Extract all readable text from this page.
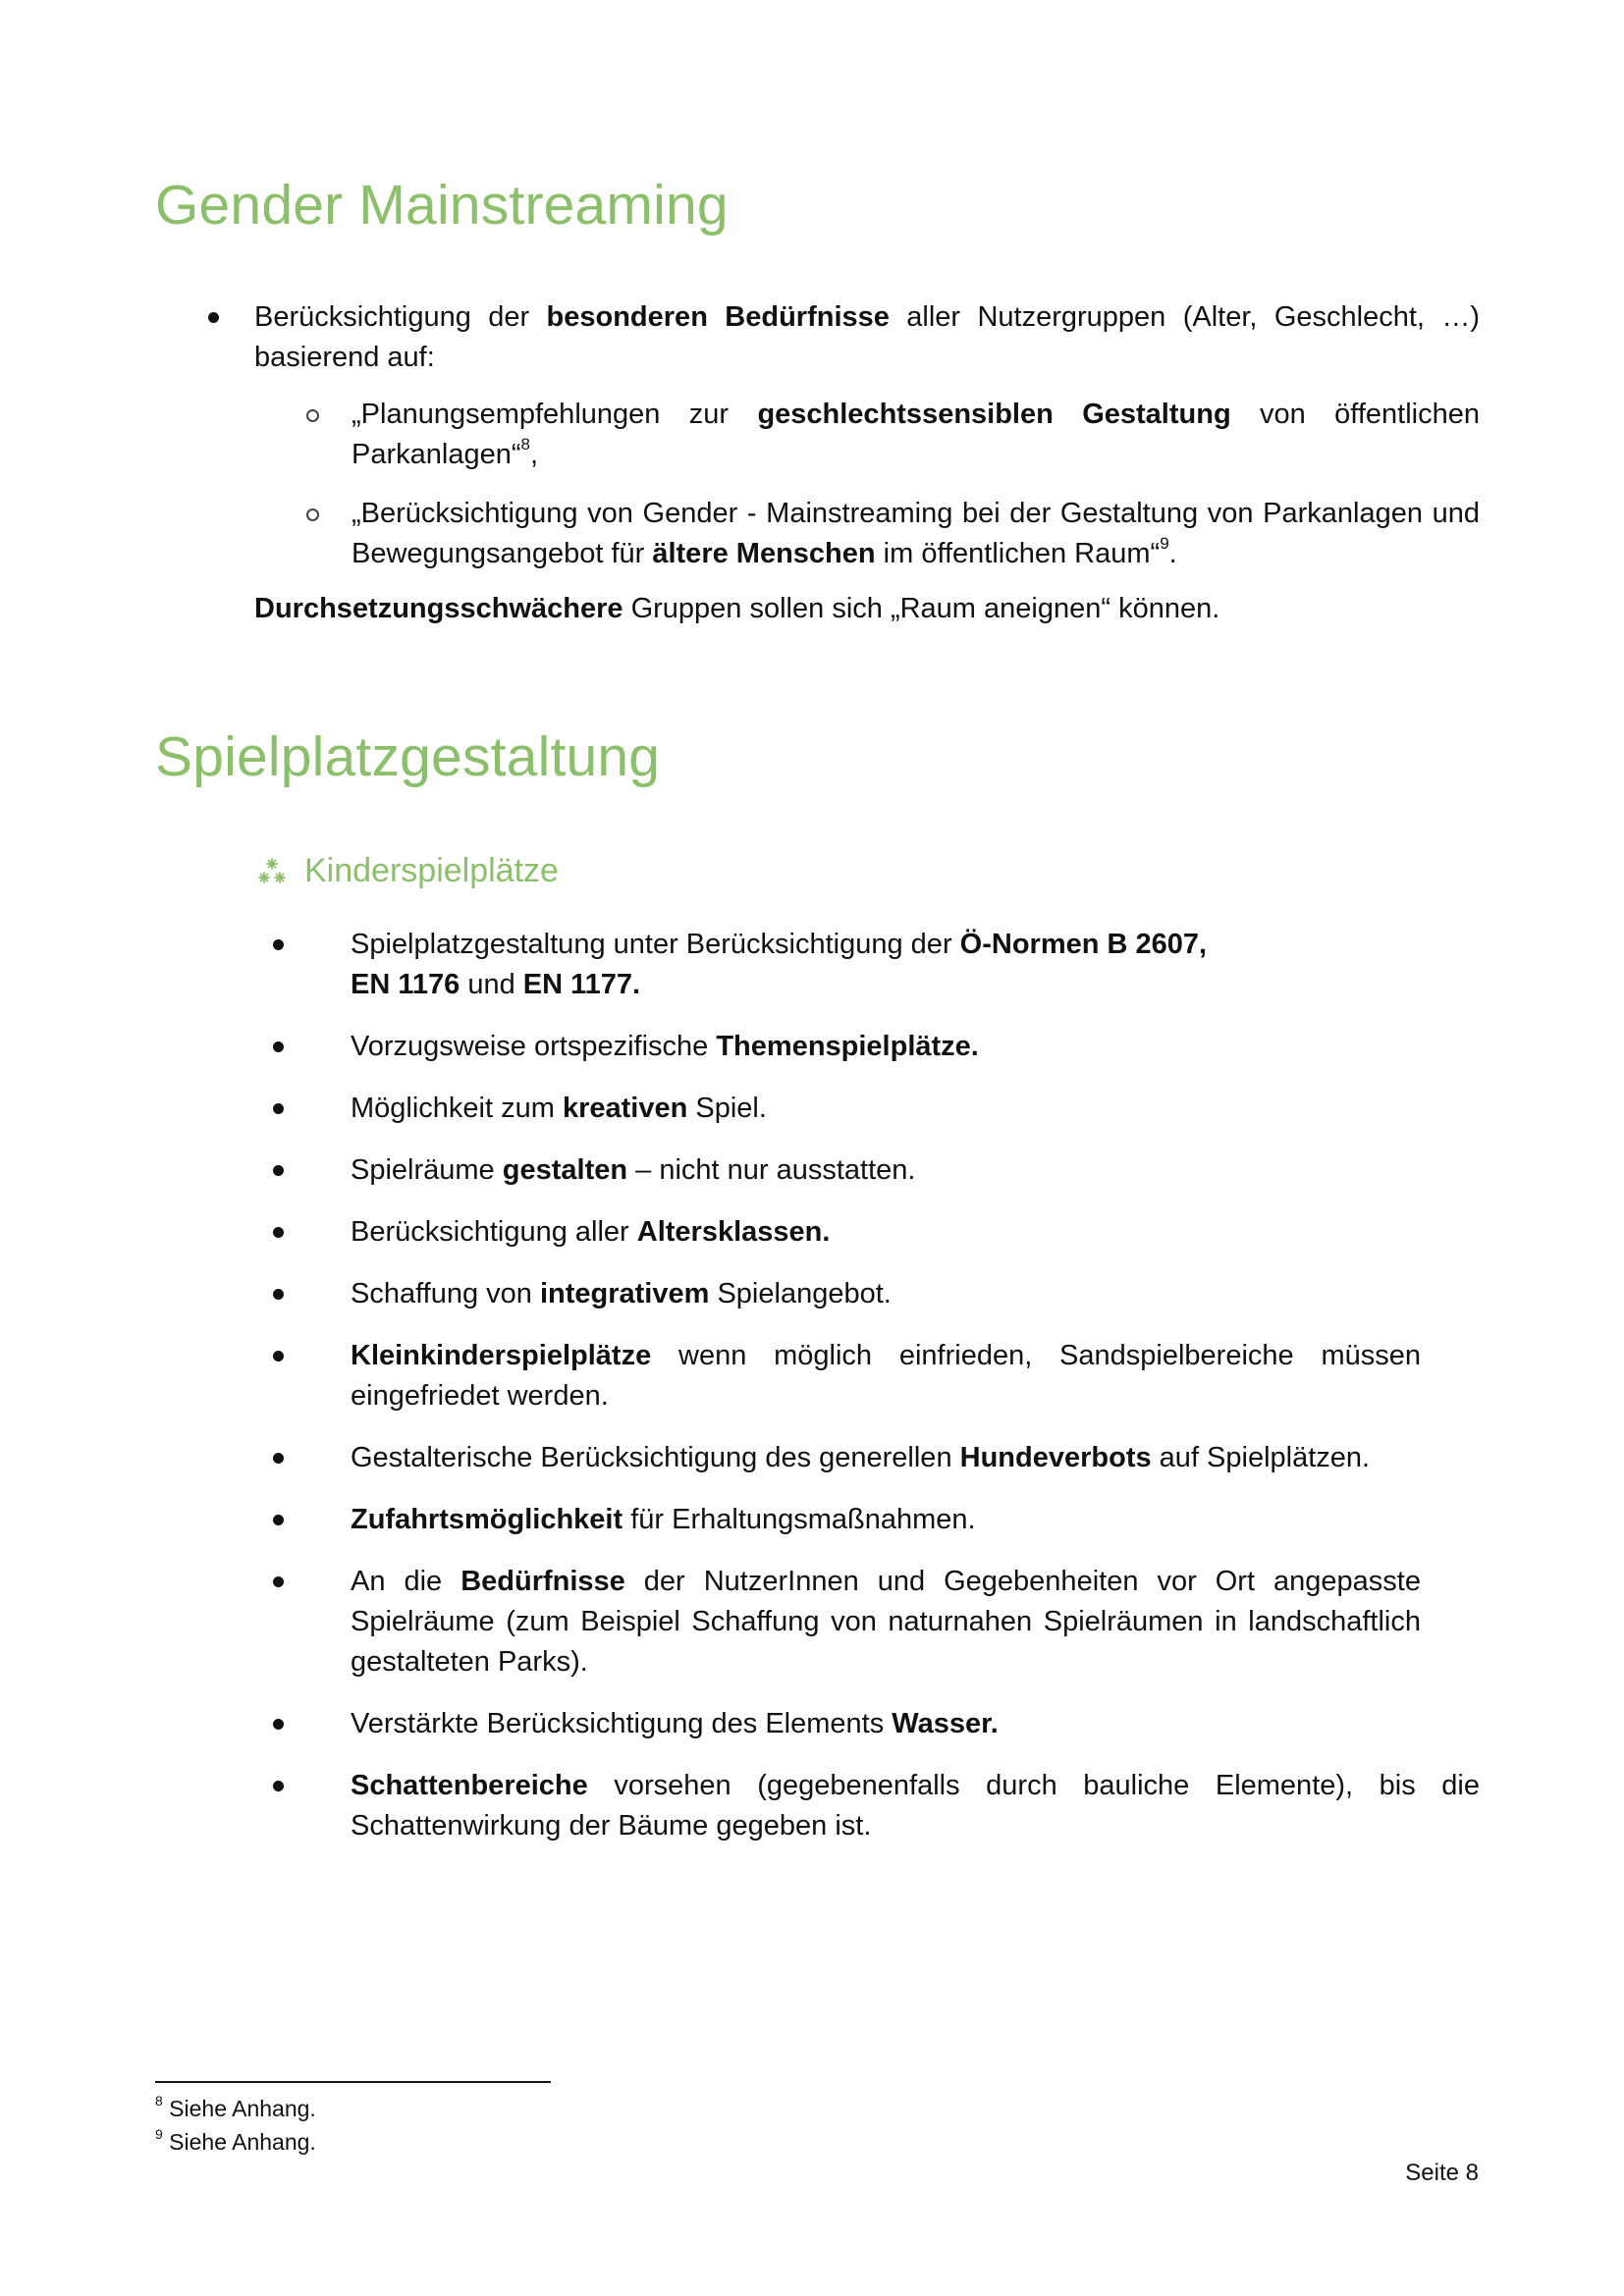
Gender Mainstreaming
Berücksichtigung der besonderen Bedürfnisse aller Nutzergruppen (Alter, Geschlecht, …) basierend auf:
„Planungsempfehlungen zur geschlechtssensiblen Gestaltung von öffentlichen Parkanlagen“$^8$,
„Berücksichtigung von Gender - Mainstreaming bei der Gestaltung von Parkanlagen und Bewegungsangebot für ältere Menschen im öffentlichen Raum“$^9$.
Durchsetzungsschwächere Gruppen sollen sich „Raum aneignen“ können.
Spielplatzgestaltung
Kinderspielplätze
Spielplatzgestaltung unter Berücksichtigung der Ö-Normen B 2607,
EN 1176 und EN 1177.
Vorzugsweise ortspezifische Themenspielplätze.
Möglichkeit zum kreativen Spiel.
Spielräume gestalten – nicht nur ausstatten.
Berücksichtigung aller Altersklassen.
Schaffung von integrativem Spielangebot.
Kleinkinderspielplätze wenn möglich einfrieden, Sandspielbereiche müssen eingefriedet werden.
Gestalterische Berücksichtigung des generellen Hundeverbots auf Spielplätzen.
Zufahrtsmöglichkeit für Erhaltungsmaßnahmen.
An die Bedürfnisse der NutzerInnen und Gegebenheiten vor Ort angepasste Spielräume (zum Beispiel Schaffung von naturnahen Spielräumen in landschaftlich gestalteten Parks).
Verstärkte Berücksichtigung des Elements Wasser.
Schattenbereiche vorsehen (gegebenenfalls durch bauliche Elemente), bis die Schattenwirkung der Bäume gegeben ist.
$^8$ Siehe Anhang.
$^9$ Siehe Anhang.
Seite 8
